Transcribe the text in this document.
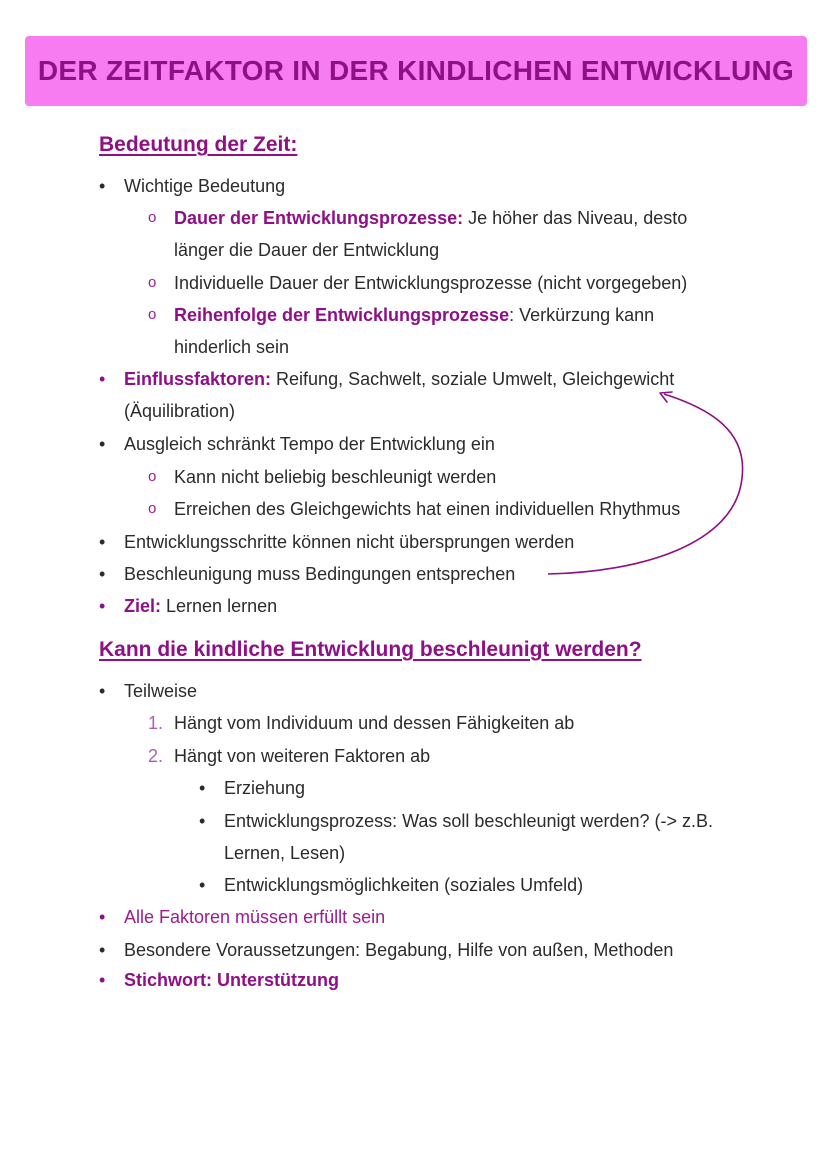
DER ZEITFAKTOR IN DER KINDLICHEN ENTWICKLUNG
Bedeutung der Zeit:
• Wichtige Bedeutung
o Dauer der Entwicklungsprozesse: Je höher das Niveau, desto
länger die Dauer der Entwicklung
o Individuelle Dauer der Entwicklungsprozesse (nicht vorgegeben)
o Reihenfolge der Entwicklungsprozesse: Verkürzung kann
hinderlich sein
• Einflussfaktoren: Reifung, Sachwelt, soziale Umwelt, Gleichgewicht
(Äquilibration)
• Ausgleich schränkt Tempo der Entwicklung ein
o Kann nicht beliebig beschleunigt werden
o Erreichen des Gleichgewichts hat einen individuellen Rhythmus
• Entwicklungsschritte können nicht übersprungen werden
• Beschleunigung muss Bedingungen entsprechen
• Ziel: Lernen lernen
Kann die kindliche Entwicklung beschleunigt werden?
• Teilweise
1. Hängt vom Individuum und dessen Fähigkeiten ab
2. Hängt von weiteren Faktoren ab
• Erziehung
• Entwicklungsprozess: Was soll beschleunigt werden? (-> z.B.
Lernen, Lesen)
• Entwicklungsmöglichkeiten (soziales Umfeld)
• Alle Faktoren müssen erfüllt sein
• Besondere Voraussetzungen: Begabung, Hilfe von außen, Methoden
• Stichwort: Unterstützung
